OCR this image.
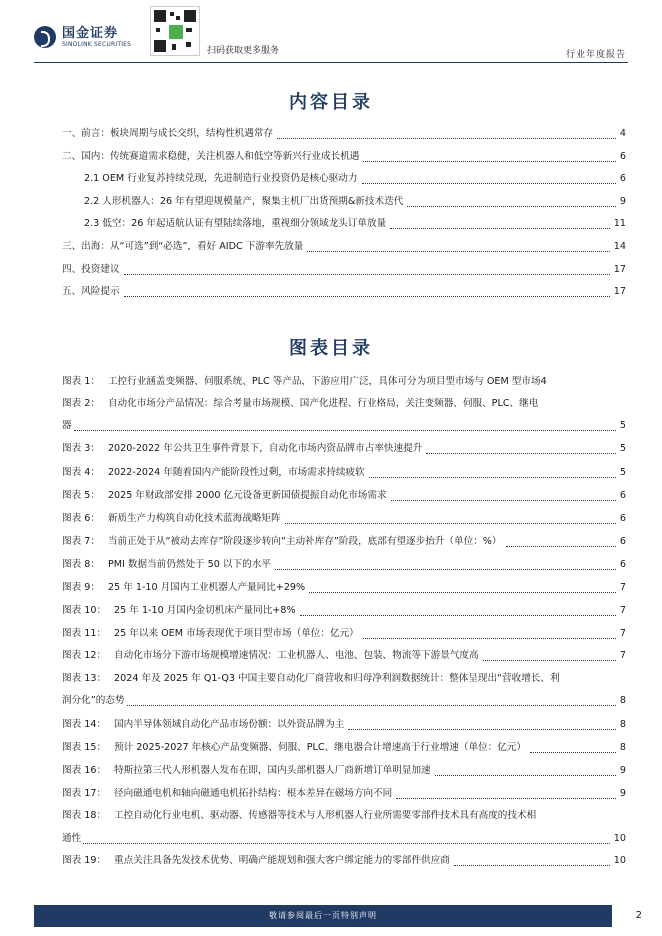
国金证券
SINOLINK SECURITIES
扫码获取更多服务	行业年度报告
内容目录
一、前言：板块周期与成长交织，结构性机遇常存	4
二、国内：传统赛道需求稳健，关注机器人和低空等新兴行业成长机遇	6
2.1 OEM 行业复苏持续兑现，先进制造行业投资仍是核心驱动力	6
2.2 人形机器人：26 年有望迎规模量产，聚集主机厂出货预期&新技术迭代	9
2.3 低空：26 年起适航认证有望陆续落地，重视细分领域龙头订单放量	11
三、出海：从“可选”到“必选”，看好 AIDC 下游率先放量	14
四、投资建议	17
五、风险提示	17
图表目录
图表 1： 工控行业涵盖变频器、伺服系统、PLC 等产品，下游应用广泛，具体可分为项目型市场与 OEM 型市场 4
图表 2： 自动化市场分产品情况：综合考量市场规模、国产化进程、行业格局，关注变频器、伺服、PLC、继电
器	5
图表 3： 2020-2022 年公共卫生事件背景下，自动化市场内资品牌市占率快速提升	5
图表 4： 2022-2024 年随着国内产能阶段性过剩，市场需求持续疲软	5
图表 5： 2025 年财政部安排 2000 亿元设备更新国债提振自动化市场需求	6
图表 6： 新质生产力构筑自动化技术蓝海战略矩阵	6
图表 7： 当前正处于从“被动去库存”阶段逐步转向“主动补库存”阶段，底部有望逐步抬升（单位：%）	6
图表 8： PMI 数据当前仍然处于 50 以下的水平	6
图表 9： 25 年 1-10 月国内工业机器人产量同比+29%	7
图表 10： 25 年 1-10 月国内金切机床产量同比+8%	7
图表 11： 25 年以来 OEM 市场表现优于项目型市场（单位：亿元）	7
图表 12： 自动化市场分下游市场规模增速情况：工业机器人、电池、包装、物流等下游景气度高	7
图表 13： 2024 年及 2025 年 Q1-Q3 中国主要自动化厂商营收和归母净利润数据统计：整体呈现出“营收增长、利
润分化”的态势	8
图表 14： 国内半导体领域自动化产品市场份额：以外资品牌为主	8
图表 15： 预计 2025-2027 年核心产品变频器、伺服、PLC、继电器合计增速高于行业增速（单位：亿元）	8
图表 16： 特斯拉第三代人形机器人发布在即，国内头部机器人厂商新增订单明显加速	9
图表 17： 径向磁通电机和轴向磁通电机拓扑结构：根本差异在磁场方向不同	9
图表 18： 工控自动化行业电机、驱动器、传感器等技术与人形机器人行业所需要零部件技术具有高度的技术相
通性	10
图表 19： 重点关注具备先发技术优势、明确产能规划和强大客户绑定能力的零部件供应商	10
敬请参阅最后一页特别声明	2
